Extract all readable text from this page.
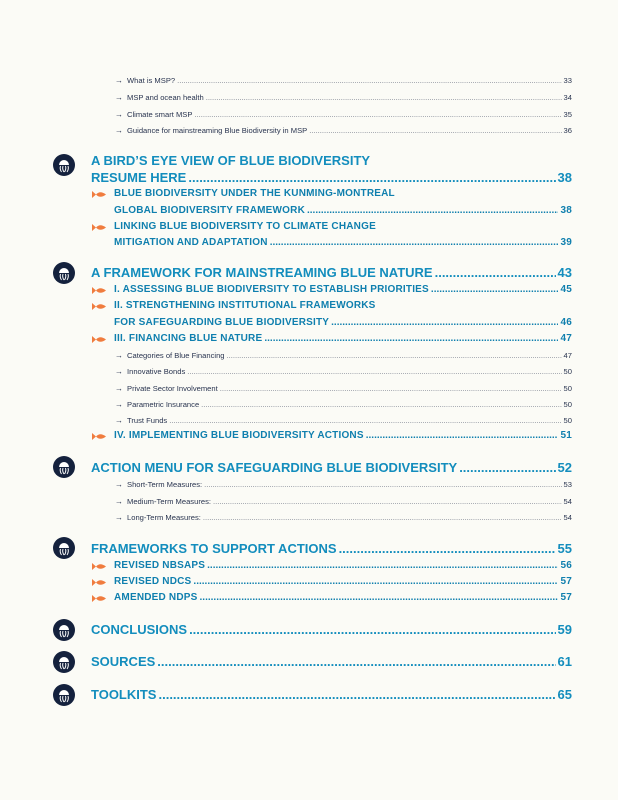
→ What is MSP? .....	33
→ MSP and ocean health .....	34
→ Climate smart MSP .....	35
→ Guidance for mainstreaming Blue Biodiversity in MSP .....	36
A BIRD’S EYE VIEW OF BLUE BIODIVERSITY
RESUME HERE .....	38
BLUE BIODIVERSITY UNDER THE KUNMING-MONTREAL
GLOBAL BIODIVERSITY FRAMEWORK .....	38
LINKING BLUE BIODIVERSITY TO CLIMATE CHANGE
MITIGATION AND ADAPTATION .....	39
A FRAMEWORK FOR MAINSTREAMING BLUE NATURE .....	43
I. ASSESSING BLUE BIODIVERSITY TO ESTABLISH PRIORITIES .....	45
II. STRENGTHENING INSTITUTIONAL FRAMEWORKS
FOR SAFEGUARDING BLUE BIODIVERSITY .....	46
III. FINANCING BLUE NATURE .....	47
→ Categories of Blue Financing .....	47
→ Innovative Bonds .....	50
→ Private Sector Involvement .....	50
→ Parametric Insurance .....	50
→ Trust Funds .....	50
IV. IMPLEMENTING BLUE BIODIVERSITY ACTIONS .....	51
ACTION MENU FOR SAFEGUARDING BLUE BIODIVERSITY .....	52
→ Short-Term Measures: .....	53
→ Medium-Term Measures: .....	54
→ Long-Term Measures: .....	54
FRAMEWORKS TO SUPPORT ACTIONS .....	55
REVISED NBSAPS .....	56
REVISED NDCS .....	57
AMENDED NDPS .....	57
CONCLUSIONS .....	59
SOURCES .....	61
TOOLKITS .....	65
